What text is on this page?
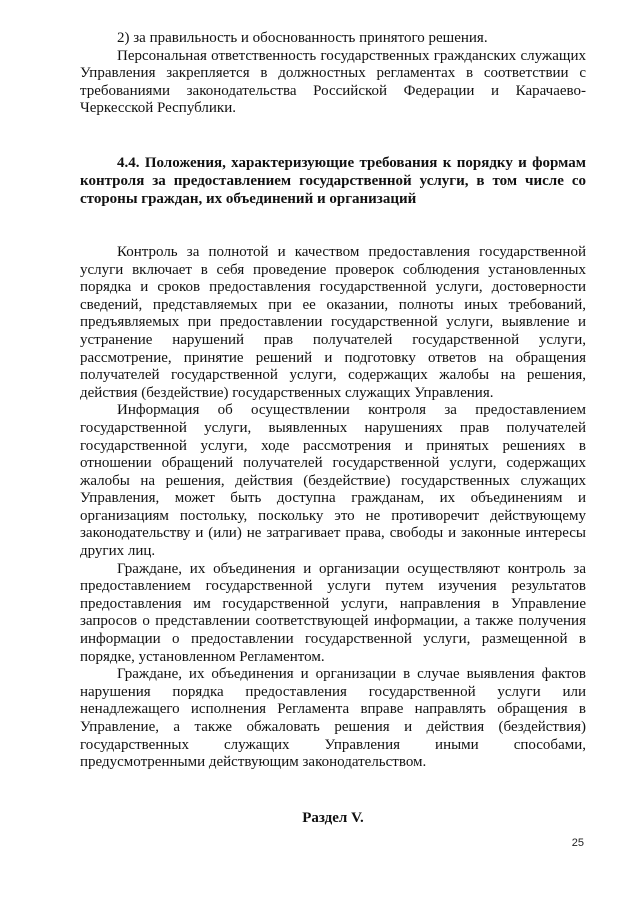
2) за правильность и обоснованность принятого решения.

Персональная ответственность государственных гражданских служащих Управления закрепляется в должностных регламентах в соответствии с требованиями законодательства Российской Федерации и Карачаево-Черкесской Республики.

4.4. Положения, характеризующие требования к порядку и формам контроля за предоставлением государственной услуги, в том числе со стороны граждан, их объединений и организаций

Контроль за полнотой и качеством предоставления государственной услуги включает в себя проведение проверок соблюдения установленных порядка и сроков предоставления государственной услуги, достоверности сведений, представляемых при ее оказании, полноты иных требований, предъявляемых при предоставлении государственной услуги, выявление и устранение нарушений прав получателей государственной услуги, рассмотрение, принятие решений и подготовку ответов на обращения получателей государственной услуги, содержащих жалобы на решения, действия (бездействие) государственных служащих Управления.

Информация об осуществлении контроля за предоставлением государственной услуги, выявленных нарушениях прав получателей государственной услуги, ходе рассмотрения и принятых решениях в отношении обращений получателей государственной услуги, содержащих жалобы на решения, действия (бездействие) государственных служащих Управления, может быть доступна гражданам, их объединениям и организациям постольку, поскольку это не противоречит действующему законодательству и (или) не затрагивает права, свободы и законные интересы других лиц.

Граждане, их объединения и организации осуществляют контроль за предоставлением государственной услуги путем изучения результатов предоставления им государственной услуги, направления в Управление запросов о представлении соответствующей информации, а также получения информации о предоставлении государственной услуги, размещенной в порядке, установленном Регламентом.

Граждане, их объединения и организации в случае выявления фактов нарушения порядка предоставления государственной услуги или ненадлежащего исполнения Регламента вправе направлять обращения в Управление, а также обжаловать решения и действия (бездействия) государственных служащих Управления иными способами, предусмотренными действующим законодательством.

Раздел V.

25
